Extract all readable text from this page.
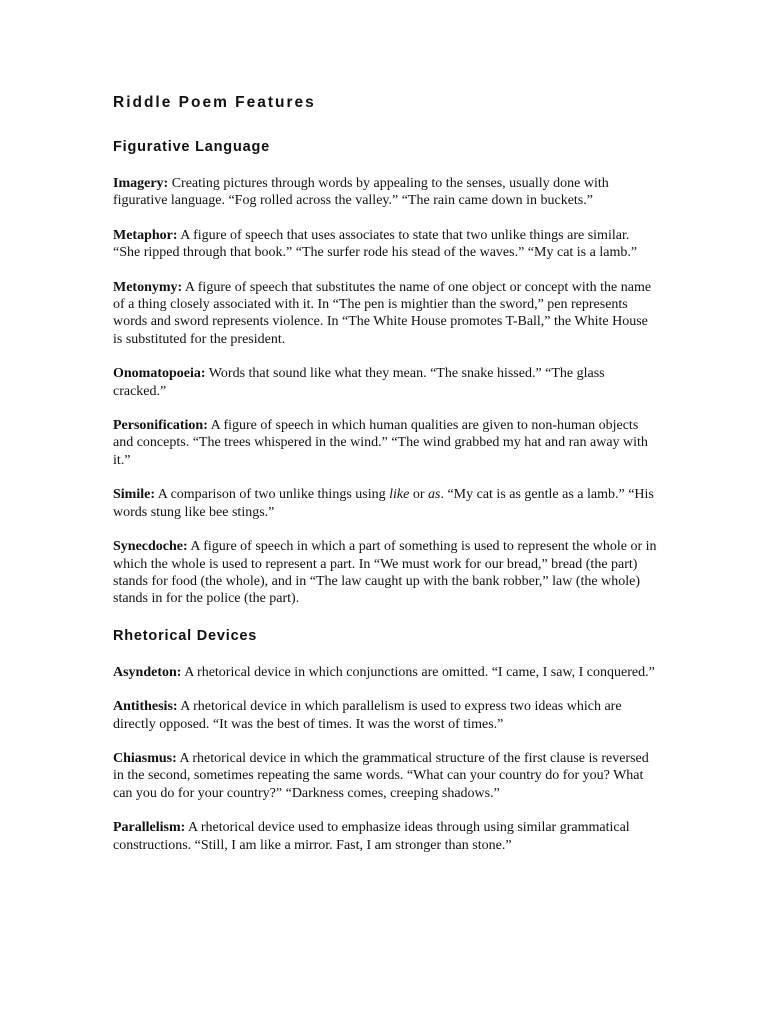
Riddle Poem Features
Figurative Language

Imagery: Creating pictures through words by appealing to the senses, usually done with figurative language. “Fog rolled across the valley.” “The rain came down in buckets.”

Metaphor: A figure of speech that uses associates to state that two unlike things are similar. “She ripped through that book.” “The surfer rode his stead of the waves.” “My cat is a lamb.”

Metonymy: A figure of speech that substitutes the name of one object or concept with the name of a thing closely associated with it. In “The pen is mightier than the sword,” pen represents words and sword represents violence. In “The White House promotes T-Ball,” the White House is substituted for the president.

Onomatopoeia: Words that sound like what they mean. “The snake hissed.” “The glass cracked.”

Personification: A figure of speech in which human qualities are given to non-human objects and concepts. “The trees whispered in the wind.” “The wind grabbed my hat and ran away with it.”

Simile: A comparison of two unlike things using like or as. “My cat is as gentle as a lamb.” “His words stung like bee stings.”

Synecdoche: A figure of speech in which a part of something is used to represent the whole or in which the whole is used to represent a part. In “We must work for our bread,” bread (the part) stands for food (the whole), and in “The law caught up with the bank robber,” law (the whole) stands in for the police (the part).

Rhetorical Devices

Asyndeton: A rhetorical device in which conjunctions are omitted. “I came, I saw, I conquered.”

Antithesis: A rhetorical device in which parallelism is used to express two ideas which are directly opposed. “It was the best of times. It was the worst of times.”

Chiasmus: A rhetorical device in which the grammatical structure of the first clause is reversed in the second, sometimes repeating the same words. “What can your country do for you? What can you do for your country?” “Darkness comes, creeping shadows.”

Parallelism: A rhetorical device used to emphasize ideas through using similar grammatical constructions. “Still, I am like a mirror. Fast, I am stronger than stone.”
